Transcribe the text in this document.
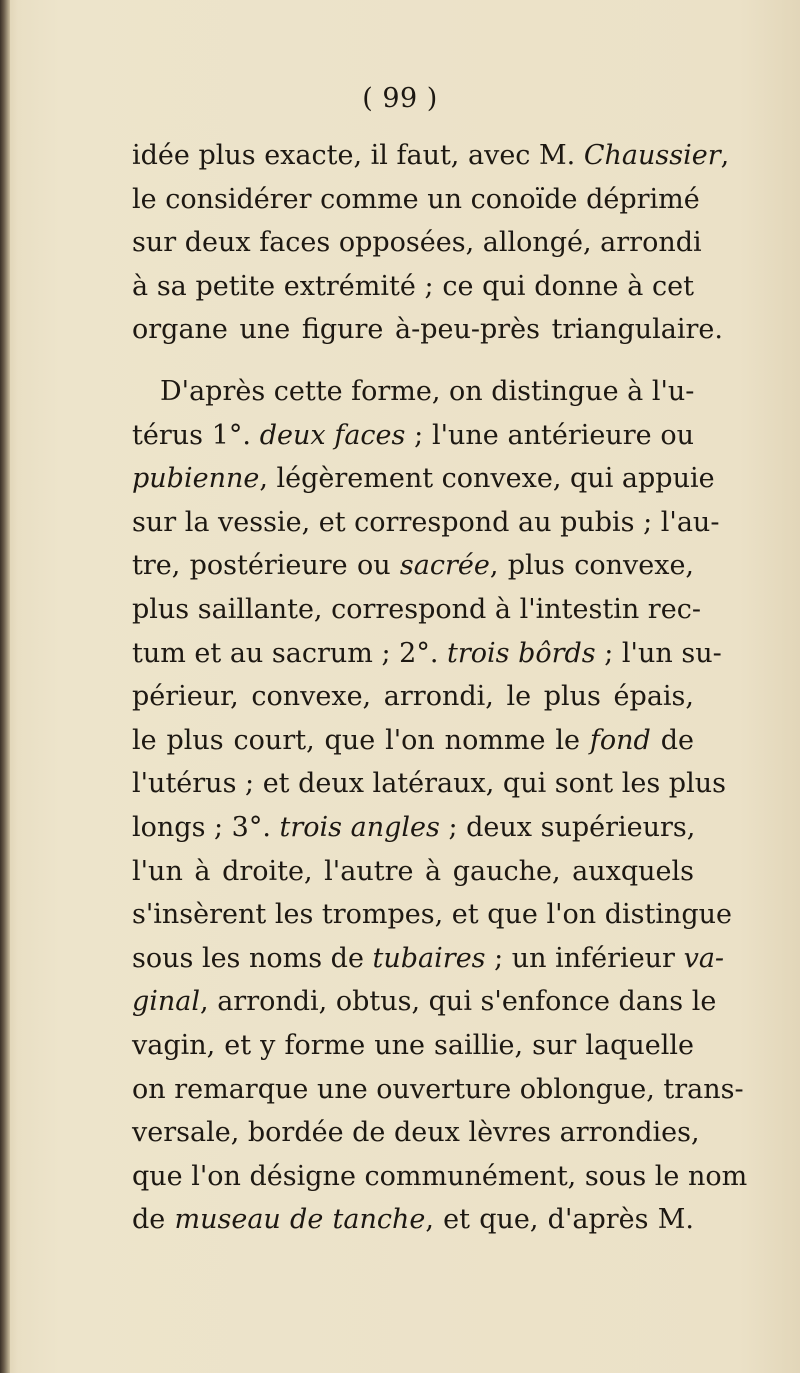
( 99 )
idée plus exacte, il faut, avec M. Chaussier,
le considérer comme un conoïde déprimé
sur deux faces opposées, allongé, arrondi
à sa petite extrémité ; ce qui donne à cet
organe une figure à-peu-près triangulaire.
D'après cette forme, on distingue à l'u-
térus 1°. deux faces ; l'une antérieure ou
pubienne, légèrement convexe, qui appuie
sur la vessie, et correspond au pubis ; l'au-
tre, postérieure ou sacrée, plus convexe,
plus saillante, correspond à l'intestin rec-
tum et au sacrum ; 2°. trois bôrds ; l'un su-
périeur, convexe, arrondi, le plus épais,
le plus court, que l'on nomme le fond de
l'utérus ; et deux latéraux, qui sont les plus
longs ; 3°. trois angles ; deux supérieurs,
l'un à droite, l'autre à gauche, auxquels
s'insèrent les trompes, et que l'on distingue
sous les noms de tubaires ; un inférieur va-
ginal, arrondi, obtus, qui s'enfonce dans le
vagin, et y forme une saillie, sur laquelle
on remarque une ouverture oblongue, trans-
versale, bordée de deux lèvres arrondies,
que l'on désigne communément, sous le nom
de museau de tanche, et que, d'après M.
